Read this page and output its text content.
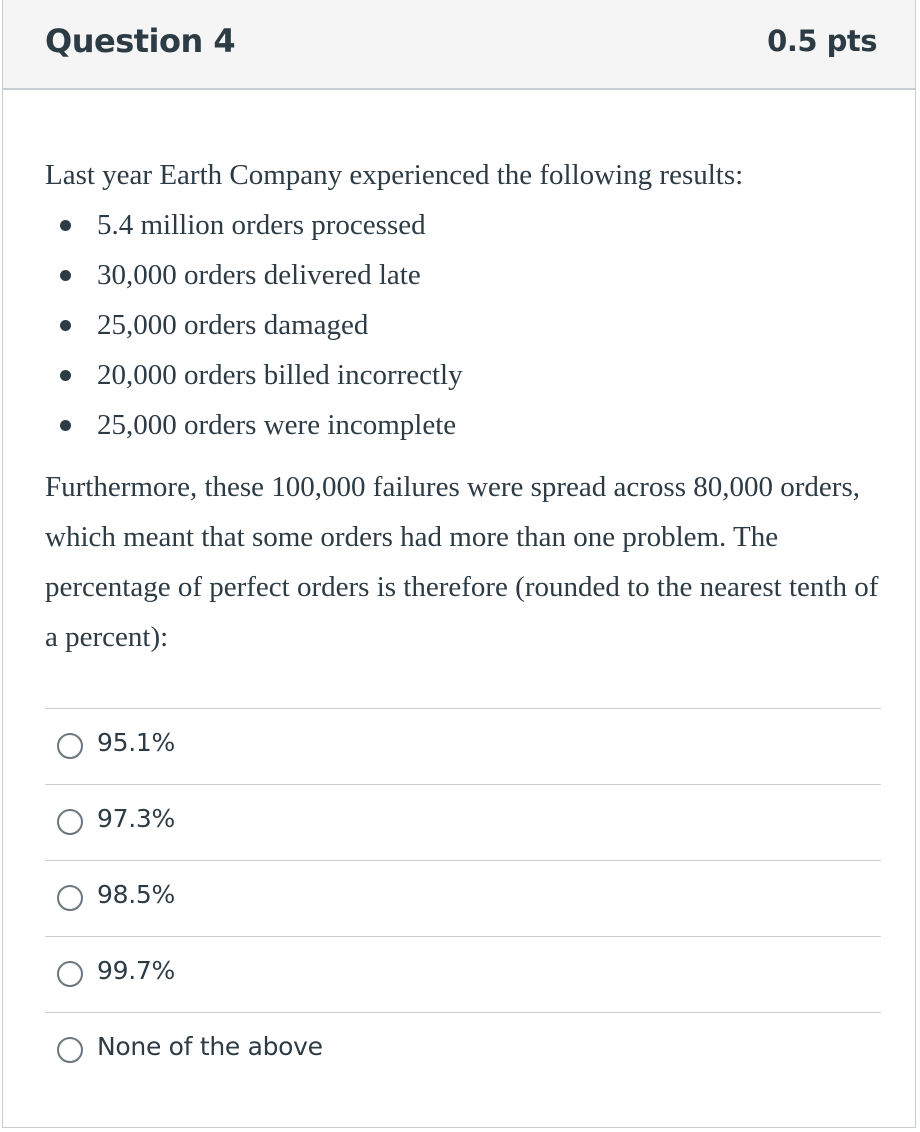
Question 4	0.5 pts

Last year Earth Company experienced the following results:

5.4 million orders processed
30,000 orders delivered late
25,000 orders damaged
20,000 orders billed incorrectly
25,000 orders were incomplete

Furthermore, these 100,000 failures were spread across 80,000 orders, which meant that some orders had more than one problem. The percentage of perfect orders is therefore (rounded to the nearest tenth of a percent):

95.1%
97.3%
98.5%
99.7%
None of the above
